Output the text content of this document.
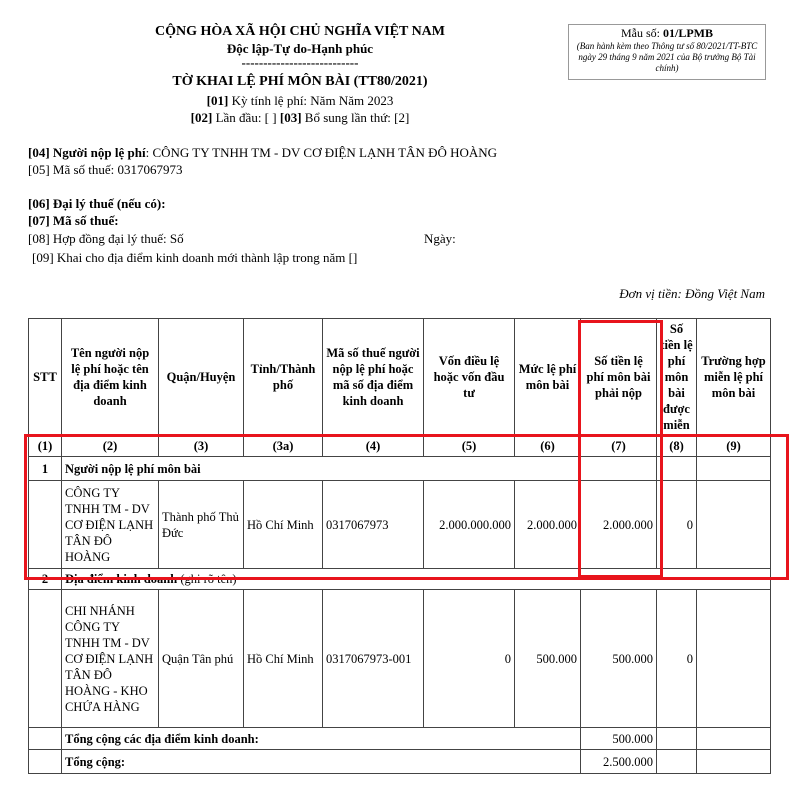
CỘNG HÒA XÃ HỘI CHỦ NGHĨA VIỆT NAM
Độc lập-Tự do-Hạnh phúc
---------------------------
TỜ KHAI LỆ PHÍ MÔN BÀI (TT80/2021)
[01] Kỳ tính lệ phí: Năm Năm 2023
[02] Lần đầu: [ ] [03] Bổ sung lần thứ: [2]
Mẫu số: 01/LPMB
(Ban hành kèm theo Thông tư số 80/2021/TT-BTC ngày 29 tháng 9 năm 2021 của Bộ trưởng Bộ Tài chính)
[04] Người nộp lệ phí: CÔNG TY TNHH TM - DV CƠ ĐIỆN LẠNH TÂN ĐÔ HOÀNG
[05] Mã số thuế: 0317067973
[06] Đại lý thuế (nếu có):
[07] Mã số thuế:
[08] Hợp đồng đại lý thuế: Số	Ngày:
[09] Khai cho địa điểm kinh doanh mới thành lập trong năm []
Đơn vị tiền: Đồng Việt Nam
STT	Tên người nộp lệ phí hoặc tên địa điểm kinh doanh	Quận/Huyện	Tỉnh/Thành phố	Mã số thuế người nộp lệ phí hoặc mã số địa điểm kinh doanh	Vốn điều lệ hoặc vốn đầu tư	Mức lệ phí môn bài	Số tiền lệ phí môn bài phải nộp	Số tiền lệ phí môn bài được miễn	Trường hợp miễn lệ phí môn bài
(1)	(2)	(3)	(3a)	(4)	(5)	(6)	(7)	(8)	(9)
1	Người nộp lệ phí môn bài								
	CÔNG TY TNHH TM - DV CƠ ĐIỆN LẠNH TÂN ĐÔ HOÀNG	Thành phố Thủ Đức	Hồ Chí Minh	0317067973	2.000.000.000	2.000.000	2.000.000	0	
2	Địa điểm kinh doanh (ghi rõ tên)								
	CHI NHÁNH CÔNG TY TNHH TM - DV CƠ ĐIỆN LẠNH TÂN ĐÔ HOÀNG - KHO CHỨA HÀNG	Quận Tân phú	Hồ Chí Minh	0317067973-001	0	500.000	500.000	0	
	Tổng cộng các địa điểm kinh doanh:						500.000		
	Tổng cộng:						2.500.000		
